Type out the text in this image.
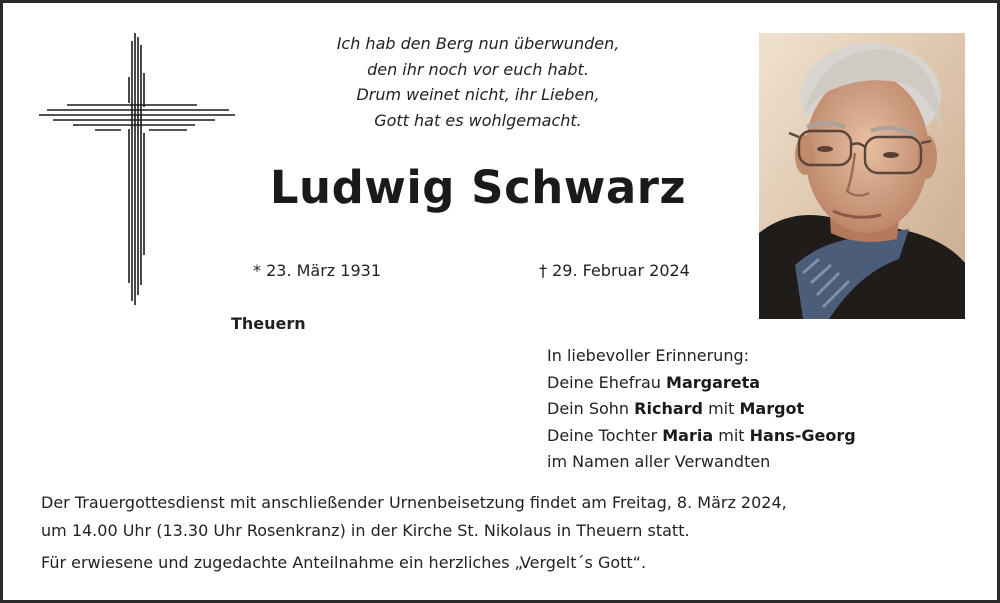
Ich hab den Berg nun überwunden,
den ihr noch vor euch habt.
Drum weinet nicht, ihr Lieben,
Gott hat es wohlgemacht.
Ludwig Schwarz
* 23. März 1931	† 29. Februar 2024
Theuern
In liebevoller Erinnerung:
Deine Ehefrau Margareta
Dein Sohn Richard mit Margot
Deine Tochter Maria mit Hans-Georg
im Namen aller Verwandten
Der Trauergottesdienst mit anschließender Urnenbeisetzung findet am Freitag, 8. März 2024,
um 14.00 Uhr (13.30 Uhr Rosenkranz) in der Kirche St. Nikolaus in Theuern statt.
Für erwiesene und zugedachte Anteilnahme ein herzliches „Vergelt´s Gott“.
